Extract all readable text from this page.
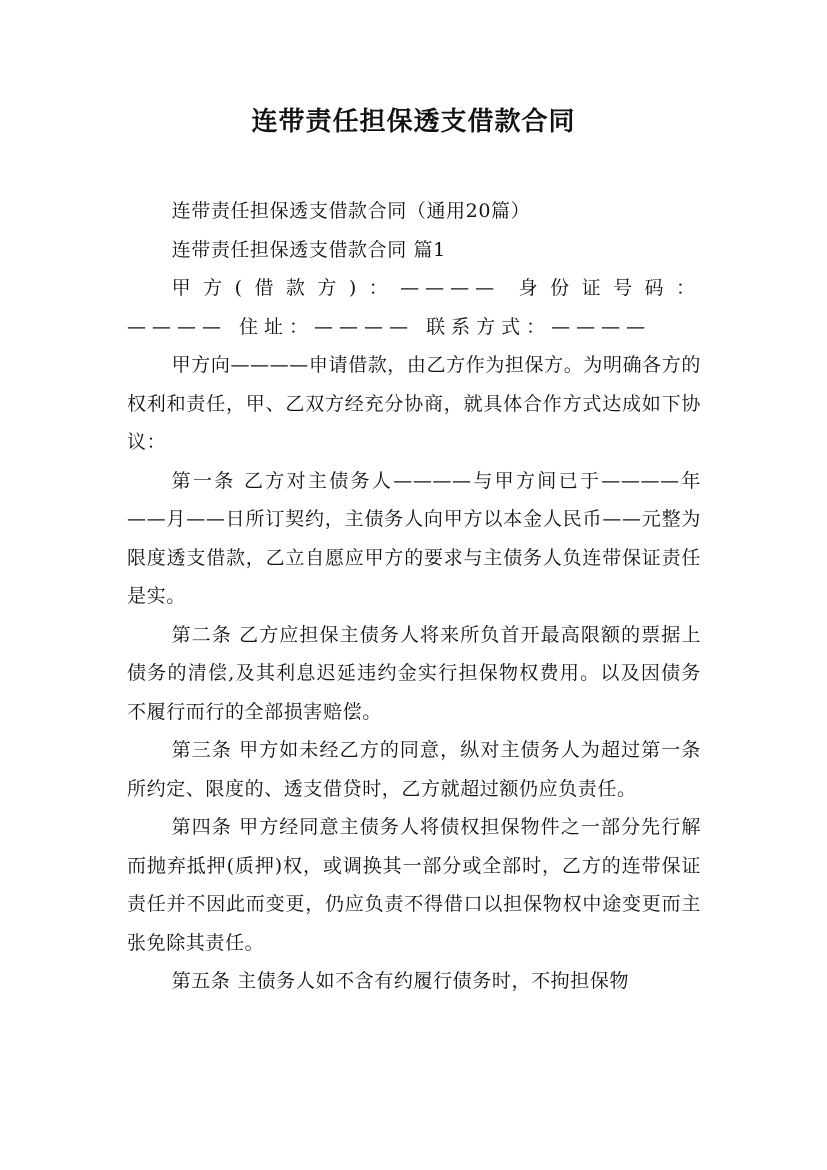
连带责任担保透支借款合同

连带责任担保透支借款合同（通用20篇）

连带责任担保透支借款合同 篇1

甲方(借款方)：———— 身份证号码：———— 住址：———— 联系方式：————

甲方向————申请借款，由乙方作为担保方。为明确各方的权利和责任，甲、乙双方经充分协商，就具体合作方式达成如下协议：

第一条 乙方对主债务人————与甲方间已于————年——月——日所订契约，主债务人向甲方以本金人民币——元整为限度透支借款，乙立自愿应甲方的要求与主债务人负连带保证责任是实。

第二条 乙方应担保主债务人将来所负首开最高限额的票据上债务的清偿,及其利息迟延违约金实行担保物权费用。以及因债务不履行而行的全部损害赔偿。

第三条 甲方如未经乙方的同意，纵对主债务人为超过第一条所约定、限度的、透支借贷时，乙方就超过额仍应负责任。

第四条 甲方经同意主债务人将债权担保物件之一部分先行解而抛弃抵押(质押)权，或调换其一部分或全部时，乙方的连带保证责任并不因此而变更，仍应负责不得借口以担保物权中途变更而主张免除其责任。

第五条 主债务人如不含有约履行债务时，不拘担保物
